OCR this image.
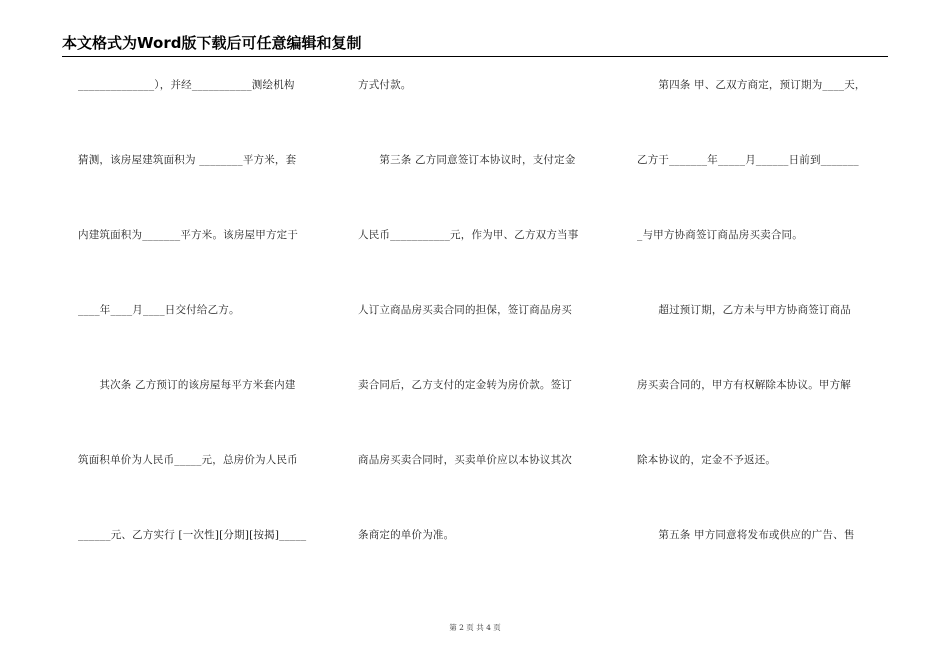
本文格式为Word版下载后可任意编辑和复制
______________），并经___________测绘机构
猜测，该房屋建筑面积为 ________平方米，套
内建筑面积为_______平方米。该房屋甲方定于
____年____月____日交付给乙方。
　　其次条 乙方预订的该房屋每平方米套内建
筑面积单价为人民币_____元，总房价为人民币
______元、乙方实行 [一次性][分期][按揭]_____
方式付款。
　　第三条 乙方同意签订本协议时，支付定金
人民币___________元，作为甲、乙方双方当事
人订立商品房买卖合同的担保，签订商品房买
卖合同后，乙方支付的定金转为房价款。签订
商品房买卖合同时，买卖单价应以本协议其次
条商定的单价为准。
　　第四条 甲、乙双方商定，预订期为____天，
乙方于_______年_____月______日前到_______
_与甲方协商签订商品房买卖合同。
　　超过预订期，乙方未与甲方协商签订商品
房买卖合同的，甲方有权解除本协议。甲方解
除本协议的，定金不予返还。
　　第五条 甲方同意将发布或供应的广告、售
第 2 页 共 4 页
